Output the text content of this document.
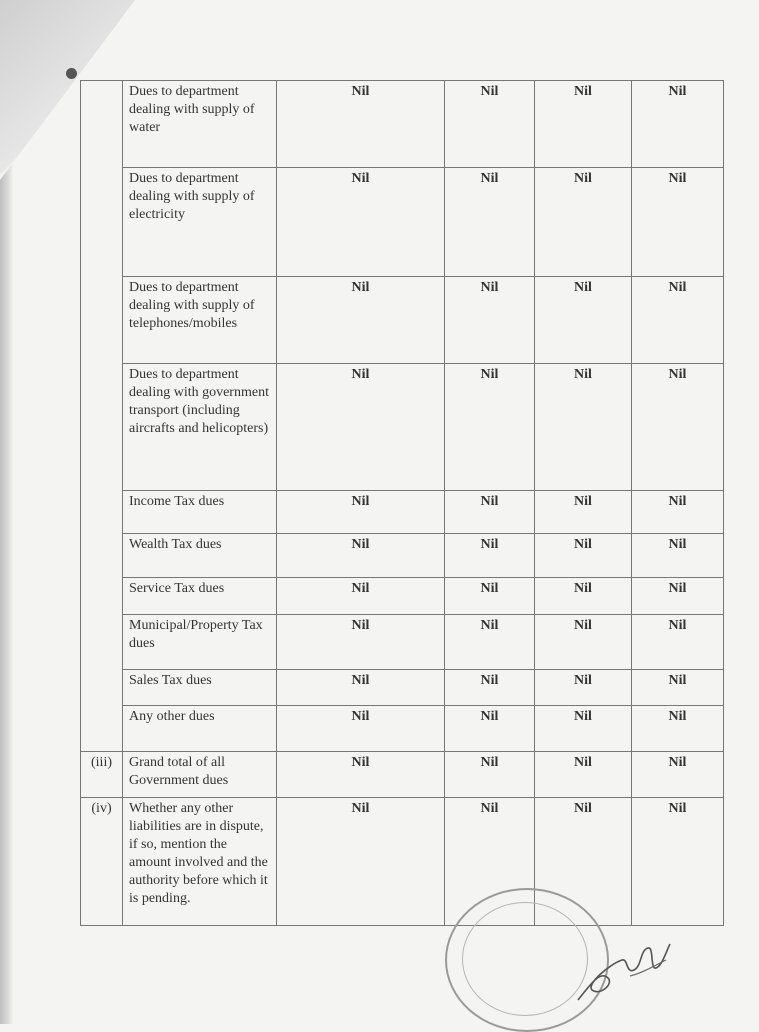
	Dues to department dealing with supply of water	Nil	Nil	Nil	Nil
	Dues to department dealing with supply of electricity	Nil	Nil	Nil	Nil
	Dues to department dealing with supply of telephones/mobiles	Nil	Nil	Nil	Nil
	Dues to department dealing with government transport (including aircrafts and helicopters)	Nil	Nil	Nil	Nil
	Income Tax dues	Nil	Nil	Nil	Nil
	Wealth Tax dues	Nil	Nil	Nil	Nil
	Service Tax dues	Nil	Nil	Nil	Nil
	Municipal/Property Tax dues	Nil	Nil	Nil	Nil
	Sales Tax dues	Nil	Nil	Nil	Nil
	Any other dues	Nil	Nil	Nil	Nil
(iii)	Grand total of all Government dues	Nil	Nil	Nil	Nil
(iv)	Whether any other liabilities are in dispute, if so, mention the amount involved and the authority before which it is pending.	Nil	Nil	Nil	Nil
